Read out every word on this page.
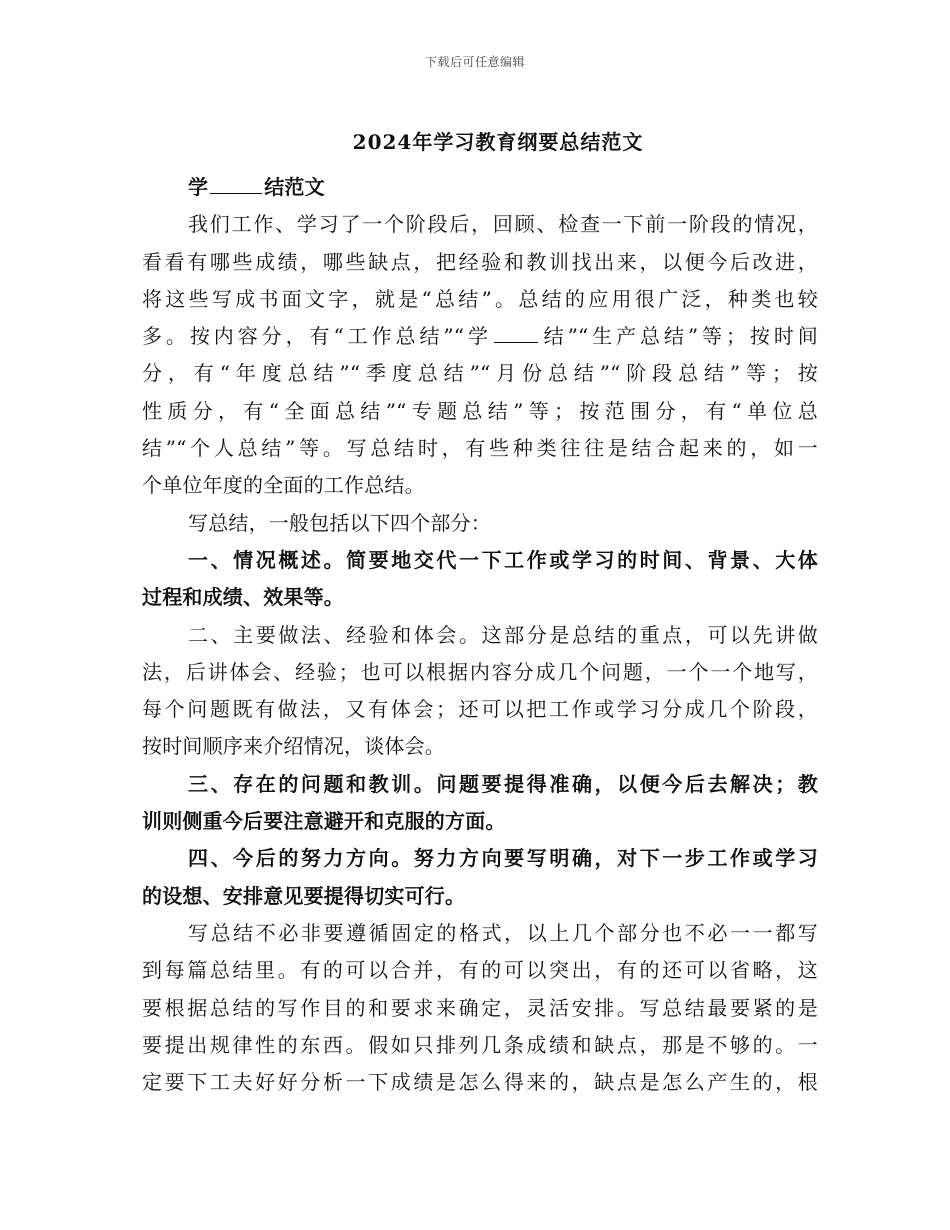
下载后可任意编辑
2024年学习教育纲要总结范文
学	结范文
我们工作、学习了一个阶段后，回顾、检查一下前一阶段的情况，
看看有哪些成绩，哪些缺点，把经验和教训找出来，以便今后改进，
将这些写成书面文字，就是“总结”。总结的应用很广泛，种类也较
多。按内容分，有“工作总结”“学 结”“生产总结”等；按时间
分，有“年度总结”“季度总结”“月份总结”“阶段总结”等；按
性质分，有“全面总结”“专题总结”等；按范围分，有“单位总
结”“个人总结”等。写总结时，有些种类往往是结合起来的，如一
个单位年度的全面的工作总结。
写总结，一般包括以下四个部分：
一、情况概述。简要地交代一下工作或学习的时间、背景、大体
过程和成绩、效果等。
二、主要做法、经验和体会。这部分是总结的重点，可以先讲做
法，后讲体会、经验；也可以根据内容分成几个问题，一个一个地写，
每个问题既有做法，又有体会；还可以把工作或学习分成几个阶段，
按时间顺序来介绍情况，谈体会。
三、存在的问题和教训。问题要提得准确，以便今后去解决；教
训则侧重今后要注意避开和克服的方面。
四、今后的努力方向。努力方向要写明确，对下一步工作或学习
的设想、安排意见要提得切实可行。
写总结不必非要遵循固定的格式，以上几个部分也不必一一都写
到每篇总结里。有的可以合并，有的可以突出，有的还可以省略，这
要根据总结的写作目的和要求来确定，灵活安排。写总结最要紧的是
要提出规律性的东西。假如只排列几条成绩和缺点，那是不够的。一
定要下工夫好好分析一下成绩是怎么得来的，缺点是怎么产生的，根
